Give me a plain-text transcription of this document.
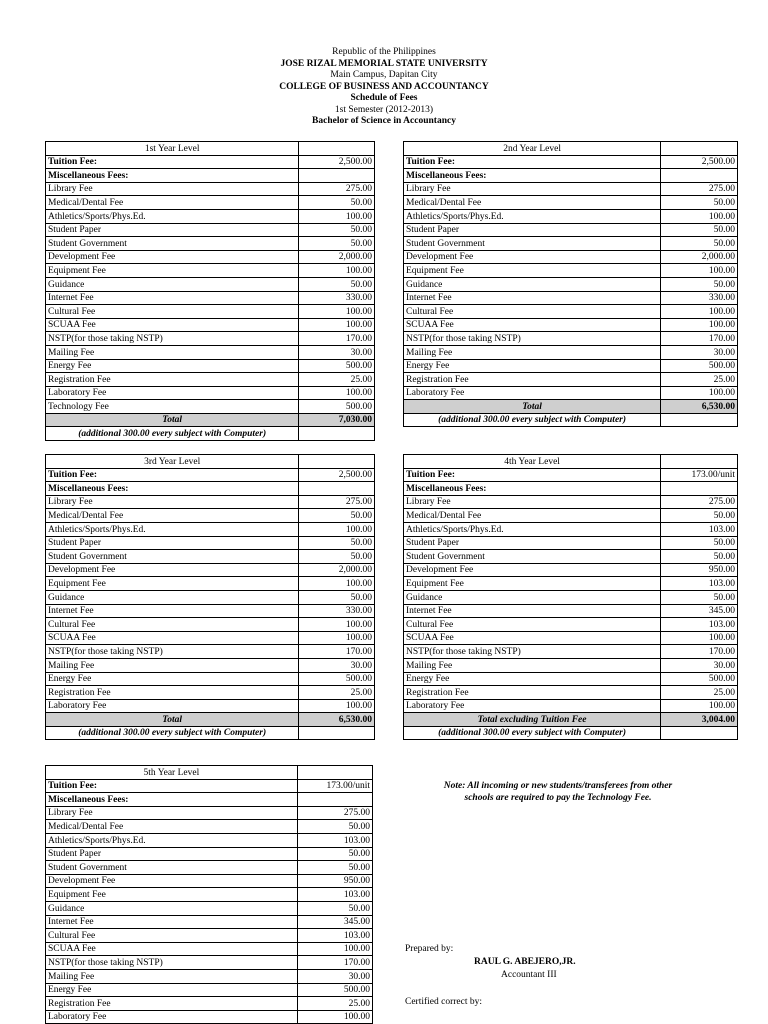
Republic of the Philippines
JOSE RIZAL MEMORIAL STATE UNIVERSITY
Main Campus, Dapitan City
COLLEGE OF BUSINESS AND ACCOUNTANCY
Schedule of Fees
1st Semester (2012-2013)
Bachelor of Science in Accountancy
1st Year Level	
Tuition Fee:	2,500.00
Miscellaneous Fees:	
Library Fee	275.00
Medical/Dental Fee	50.00
Athletics/Sports/Phys.Ed.	100.00
Student Paper	50.00
Student Government	50.00
Development Fee	2,000.00
Equipment Fee	100.00
Guidance	50.00
Internet Fee	330.00
Cultural Fee	100.00
SCUAA Fee	100.00
NSTP(for those taking NSTP)	170.00
Mailing Fee	30.00
Energy Fee	500.00
Registration Fee	25.00
Laboratory Fee	100.00
Technology Fee	500.00
Total	7,030.00
(additional 300.00 every subject with Computer)	
2nd Year Level	
Tuition Fee:	2,500.00
Miscellaneous Fees:	
Library Fee	275.00
Medical/Dental Fee	50.00
Athletics/Sports/Phys.Ed.	100.00
Student Paper	50.00
Student Government	50.00
Development Fee	2,000.00
Equipment Fee	100.00
Guidance	50.00
Internet Fee	330.00
Cultural Fee	100.00
SCUAA Fee	100.00
NSTP(for those taking NSTP)	170.00
Mailing Fee	30.00
Energy Fee	500.00
Registration Fee	25.00
Laboratory Fee	100.00
Total	6,530.00
(additional 300.00 every subject with Computer)	
3rd Year Level	
Tuition Fee:	2,500.00
Miscellaneous Fees:	
Library Fee	275.00
Medical/Dental Fee	50.00
Athletics/Sports/Phys.Ed.	100.00
Student Paper	50.00
Student Government	50.00
Development Fee	2,000.00
Equipment Fee	100.00
Guidance	50.00
Internet Fee	330.00
Cultural Fee	100.00
SCUAA Fee	100.00
NSTP(for those taking NSTP)	170.00
Mailing Fee	30.00
Energy Fee	500.00
Registration Fee	25.00
Laboratory Fee	100.00
Total	6,530.00
(additional 300.00 every subject with Computer)	
4th Year Level	
Tuition Fee:	173.00/unit
Miscellaneous Fees:	
Library Fee	275.00
Medical/Dental Fee	50.00
Athletics/Sports/Phys.Ed.	103.00
Student Paper	50.00
Student Government	50.00
Development Fee	950.00
Equipment Fee	103.00
Guidance	50.00
Internet Fee	345.00
Cultural Fee	103.00
SCUAA Fee	100.00
NSTP(for those taking NSTP)	170.00
Mailing Fee	30.00
Energy Fee	500.00
Registration Fee	25.00
Laboratory Fee	100.00
Total excluding Tuition Fee	3,004.00
(additional 300.00 every subject with Computer)	
5th Year Level	
Tuition Fee:	173.00/unit
Miscellaneous Fees:	
Library Fee	275.00
Medical/Dental Fee	50.00
Athletics/Sports/Phys.Ed.	103.00
Student Paper	50.00
Student Government	50.00
Development Fee	950.00
Equipment Fee	103.00
Guidance	50.00
Internet Fee	345.00
Cultural Fee	103.00
SCUAA Fee	100.00
NSTP(for those taking NSTP)	170.00
Mailing Fee	30.00
Energy Fee	500.00
Registration Fee	25.00
Laboratory Fee	100.00
Note: All incoming or new students/transferees from other
schools are required to pay the Technology Fee.
Prepared by:
RAUL G. ABEJERO,JR.
Accountant III
Certified correct by:
